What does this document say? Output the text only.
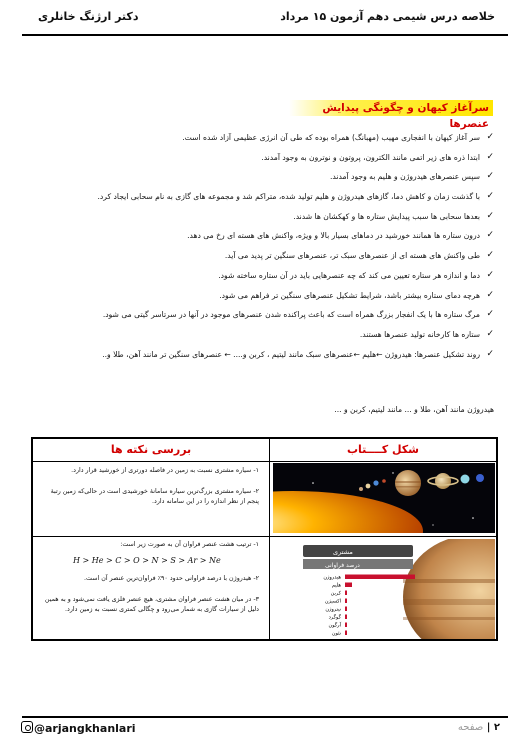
دکتر ارژنگ خانلری	خلاصه درس شیمی دهم آزمون ۱۵ مرداد
سرآغاز کیهان و چگونگی پیدایش عنصرها
✓
سر آغاز کیهان با انفجاری مهیب (مهبانگ) همراه بوده که طی آن انرژی عظیمی آزاد شده است.
✓
ابتدا ذره های زیر اتمی مانند الکترون، پروتون و نوترون به وجود آمدند.
✓
سپس عنصرهای هیدروژن و هلیم به وجود آمدند.
✓
با گذشت زمان و کاهش دما، گازهای هیدروژن و هلیم تولید شده، متراکم شد و مجموعه های گازی به نام سحابی ایجاد کرد.
✓
بعدها سحابی ها سبب پیدایش ستاره ها و کهکشان ها شدند.
✓
درون ستاره ها همانند خورشید در دماهای بسیار بالا و ویژه، واکنش های هسته ای رخ می دهد.
✓
طی واکنش های هسته ای از عنصرهای سبک تر، عنصرهای سنگین تر پدید می آید.
✓
دما و اندازه هر ستاره تعیین می کند که چه عنصرهایی باید در آن ستاره ساخته شود.
✓
هرچه دمای ستاره بیشتر باشد، شرایط تشکیل عنصرهای سنگین تر فراهم می شود.
✓
مرگ ستاره ها با یک انفجار بزرگ همراه است که باعث پراکنده شدن عنصرهای موجود در آنها در سرتاسر گیتی می شود.
✓
ستاره ها کارخانه تولید عنصرها هستند.
✓
روند تشکیل عنصرها: هیدروژن ←هلیم ←عنصرهای سبک مانند لیتیم ، کربن و.... ← عنصرهای سنگین تر مانند آهن، طلا و..
هیدروژن مانند آهن، طلا و ... مانند لیتیم، کربن و ...
بررسی نکته ها	شکل کــــتاب
۱- سیاره مشتری نسبت به زمین در فاصله دورتری از خورشید قرار دارد.
۲- سیاره مشتری بزرگ‌ترین سیاره سامانۀ خورشیدی است در حالی‌که زمین رتبۀ پنجم از نظر اندازه را در این سامانه دارد.
۱- ترتیب هشت عنصر فراوان آن به صورت زیر است:
H > He > C > O > N > S > Ar > Ne
۲- هیدروژن با درصد فراوانی حدود ۹۰٪ فراوان‌ترین عنصر آن است.
۳- در میان هشت عنصر فراوان مشتری، هیچ عنصر فلزی یافت نمی‌شود و به همین دلیل از سیارات گازی به شمار می‌رود و چگالی کمتری نسبت به زمین دارد.
مشتری
درصد فراوانی
هیدروژن
هلیم
کربن
اکسیژن
نیتروژن
گوگرد
آرگون
نئون
@arjangkhanlari	۲ | صفحه
